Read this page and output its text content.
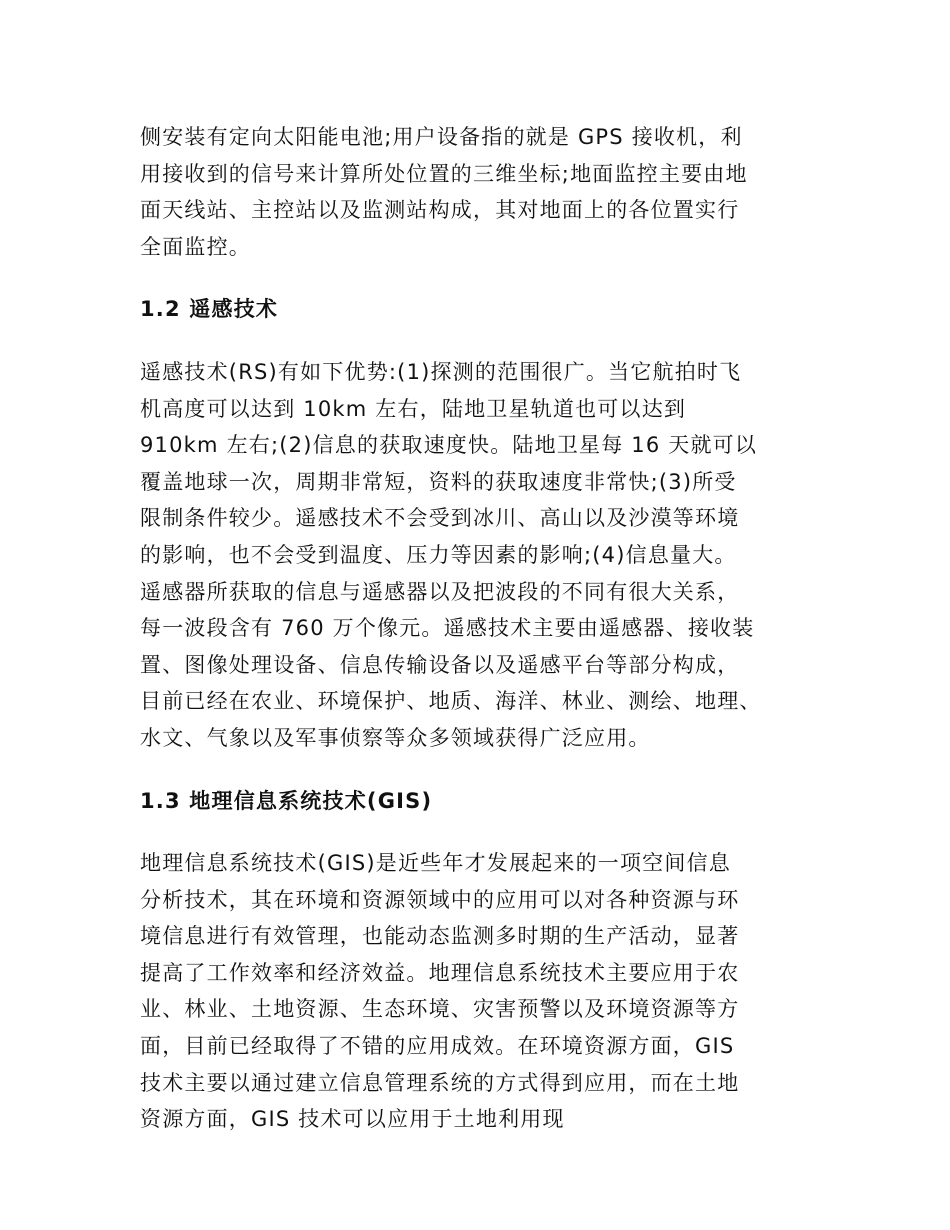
侧安装有定向太阳能电池;用户设备指的就是 GPS 接收机，利
用接收到的信号来计算所处位置的三维坐标;地面监控主要由地
面天线站、主控站以及监测站构成，其对地面上的各位置实行
全面监控。

1.2 遥感技术

遥感技术(RS)有如下优势:(1)探测的范围很广。当它航拍时飞
机高度可以达到 10km 左右，陆地卫星轨道也可以达到
910km 左右;(2)信息的获取速度快。陆地卫星每 16 天就可以
覆盖地球一次，周期非常短，资料的获取速度非常快;(3)所受
限制条件较少。遥感技术不会受到冰川、高山以及沙漠等环境
的影响，也不会受到温度、压力等因素的影响;(4)信息量大。
遥感器所获取的信息与遥感器以及把波段的不同有很大关系，
每一波段含有 760 万个像元。遥感技术主要由遥感器、接收装
置、图像处理设备、信息传输设备以及遥感平台等部分构成，
目前已经在农业、环境保护、地质、海洋、林业、测绘、地理、
水文、气象以及军事侦察等众多领域获得广泛应用。

1.3 地理信息系统技术(GIS)

地理信息系统技术(GIS)是近些年才发展起来的一项空间信息
分析技术，其在环境和资源领域中的应用可以对各种资源与环
境信息进行有效管理，也能动态监测多时期的生产活动，显著
提高了工作效率和经济效益。地理信息系统技术主要应用于农
业、林业、土地资源、生态环境、灾害预警以及环境资源等方
面，目前已经取得了不错的应用成效。在环境资源方面，GIS
技术主要以通过建立信息管理系统的方式得到应用，而在土地
资源方面，GIS 技术可以应用于土地利用现
